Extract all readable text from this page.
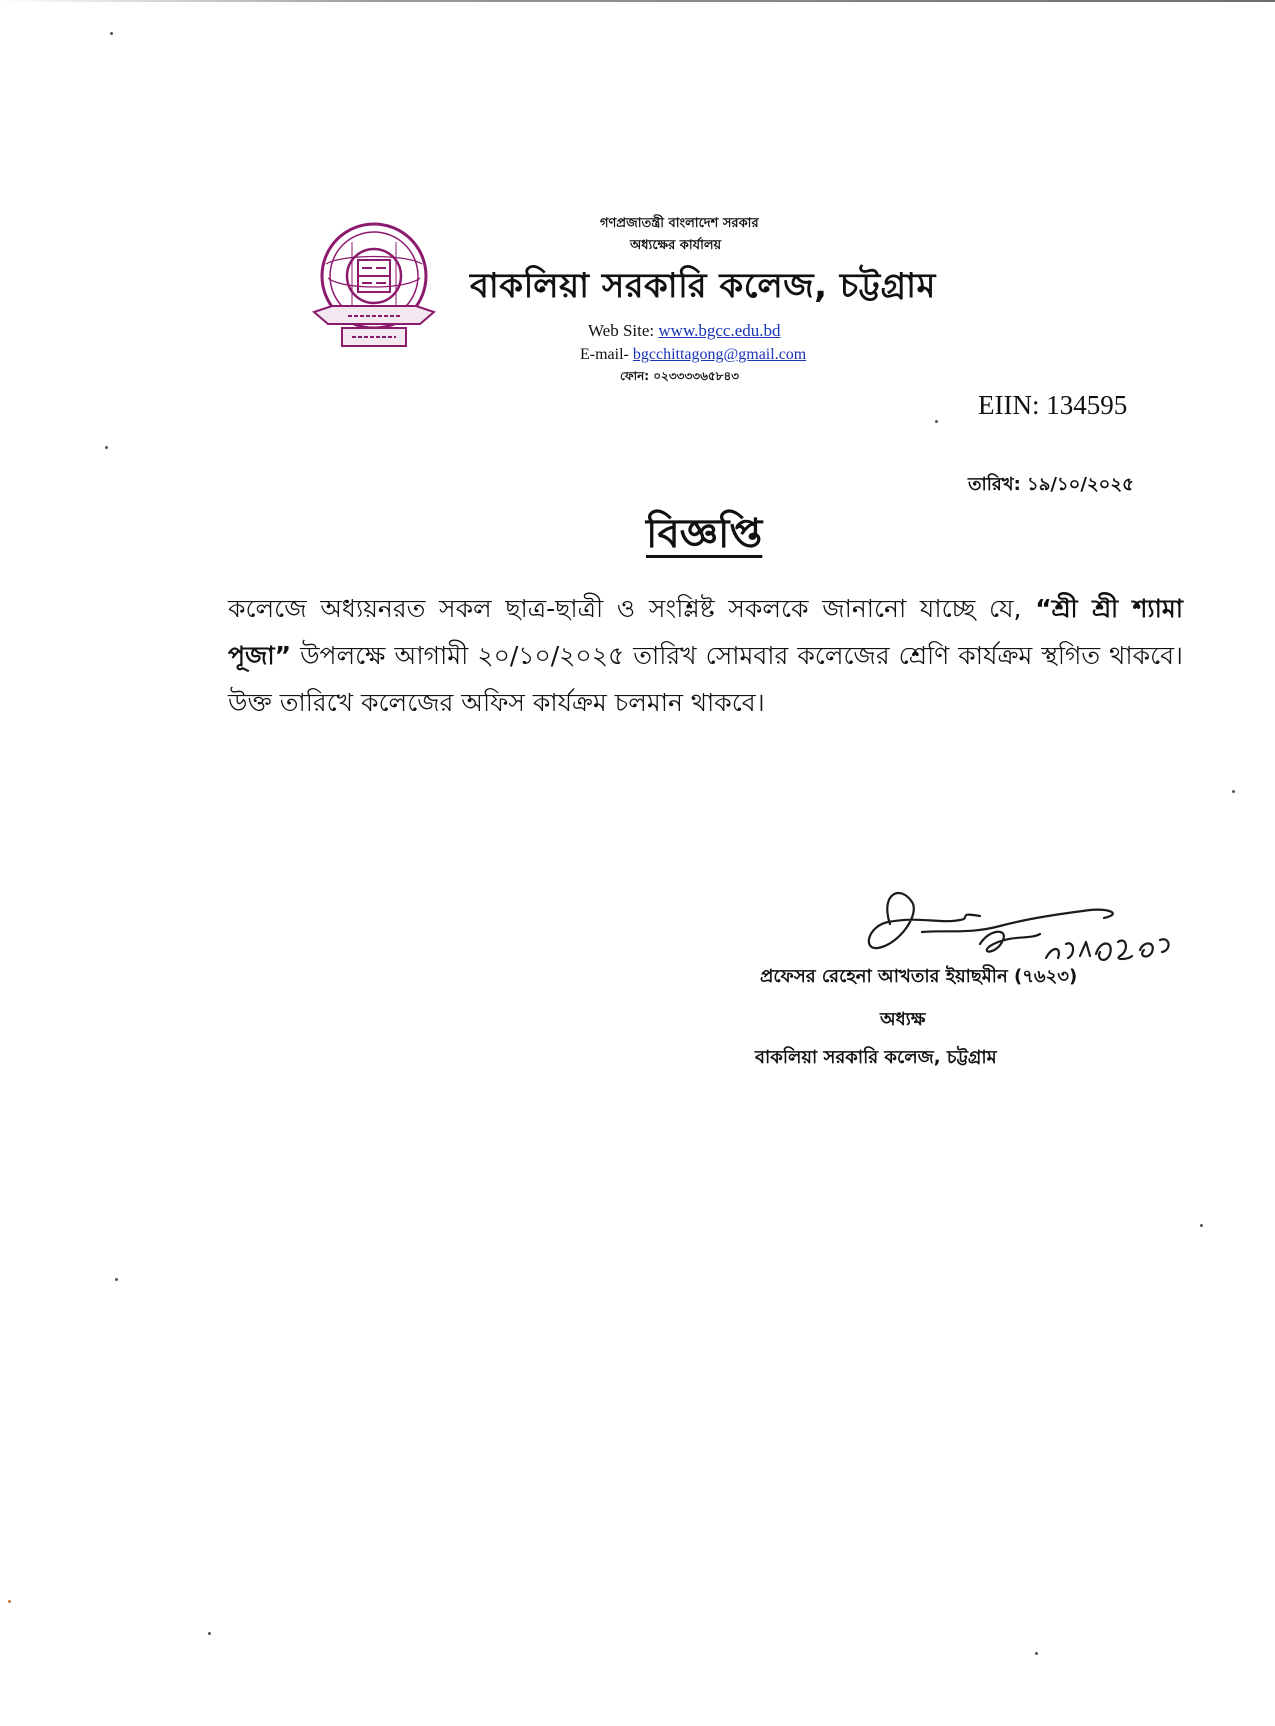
গণপ্রজাতন্ত্রী বাংলাদেশ সরকার
অধ্যক্ষের কার্যালয়
বাকলিয়া সরকারি কলেজ, চট্টগ্রাম
Web Site: www.bgcc.edu.bd
E-mail- bgcchittagong@gmail.com
ফোন: ০২৩৩৩৩৬৫৮৪৩
EIIN: 134595
তারিখ: ১৯/১০/২০২৫
বিজ্ঞপ্তি
কলেজে অধ্যয়নরত সকল ছাত্র-ছাত্রী ও সংশ্লিষ্ট সকলকে জানানো যাচ্ছে যে, “শ্রী শ্রী শ্যামা পূজা” উপলক্ষে আগামী ২০/১০/২০২৫ তারিখ সোমবার কলেজের শ্রেণি কার্যক্রম স্থগিত থাকবে। উক্ত তারিখে কলেজের অফিস কার্যক্রম চলমান থাকবে।
প্রফেসর রেহেনা আখতার ইয়াছমীন (৭৬২৩)
অধ্যক্ষ
বাকলিয়া সরকারি কলেজ, চট্টগ্রাম
